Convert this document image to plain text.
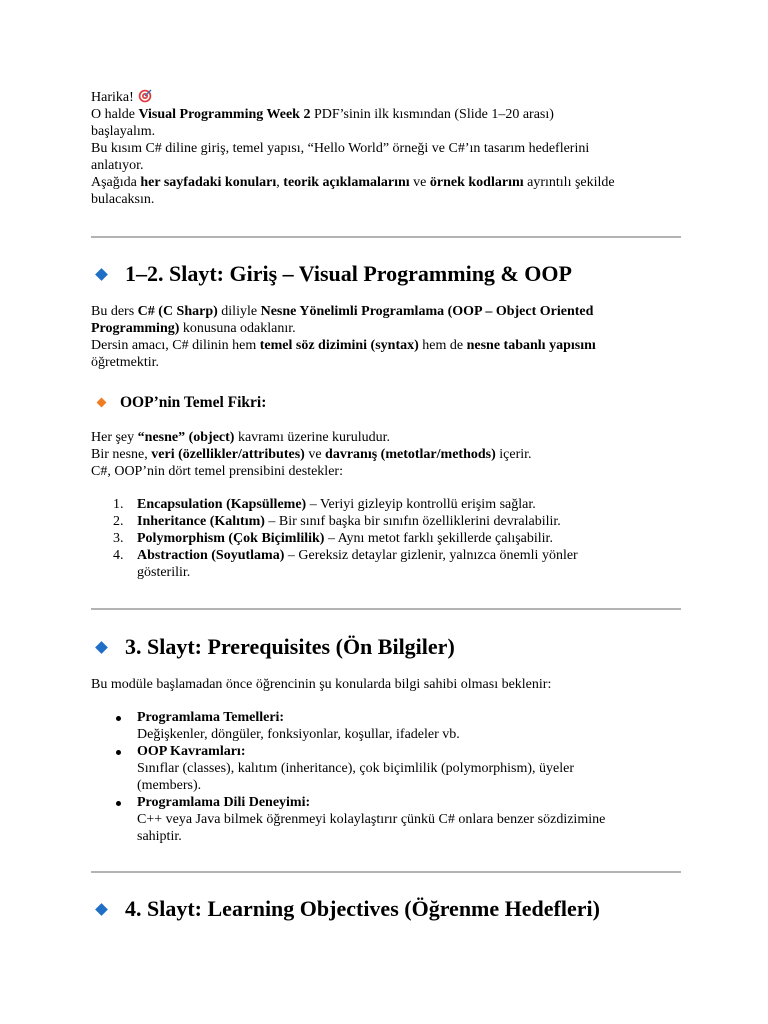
Harika!

O halde Visual Programming Week 2 PDF’sinin ilk kısmından (Slide 1–20 arası)

başlayalım.

Bu kısım C# diline giriş, temel yapısı, “Hello World” örneği ve C#’ın tasarım hedeflerini

anlatıyor.

Aşağıda her sayfadaki konuları, teorik açıklamalarını ve örnek kodlarını ayrıntılı şekilde

bulacaksın.

1–2. Slayt: Giriş – Visual Programming & OOP

Bu ders C# (C Sharp) diliyle Nesne Yönelimli Programlama (OOP – Object Oriented

Programming) konusuna odaklanır.

Dersin amacı, C# dilinin hem temel söz dizimini (syntax) hem de nesne tabanlı yapısını

öğretmektir.

OOP’nin Temel Fikri:

Her şey “nesne” (object) kavramı üzerine kuruludur.

Bir nesne, veri (özellikler/attributes) ve davranış (metotlar/methods) içerir.

C#, OOP’nin dört temel prensibini destekler:

1. Encapsulation (Kapsülleme) – Veriyi gizleyip kontrollü erişim sağlar.
2. Inheritance (Kalıtım) – Bir sınıf başka bir sınıfın özelliklerini devralabilir.
3. Polymorphism (Çok Biçimlilik) – Aynı metot farklı şekillerde çalışabilir.
4. Abstraction (Soyutlama) – Gereksiz detaylar gizlenir, yalnızca önemli yönler
gösterilir.
3. Slayt: Prerequisites (Ön Bilgiler)

Bu modüle başlamadan önce öğrencinin şu konularda bilgi sahibi olması beklenir:

Programlama Temelleri:
Değişkenler, döngüler, fonksiyonlar, koşullar, ifadeler vb.
OOP Kavramları:
Sınıflar (classes), kalıtım (inheritance), çok biçimlilik (polymorphism), üyeler
(members).
Programlama Dili Deneyimi:
C++ veya Java bilmek öğrenmeyi kolaylaştırır çünkü C# onlara benzer sözdizimine
sahiptir.
4. Slayt: Learning Objectives (Öğrenme Hedefleri)
